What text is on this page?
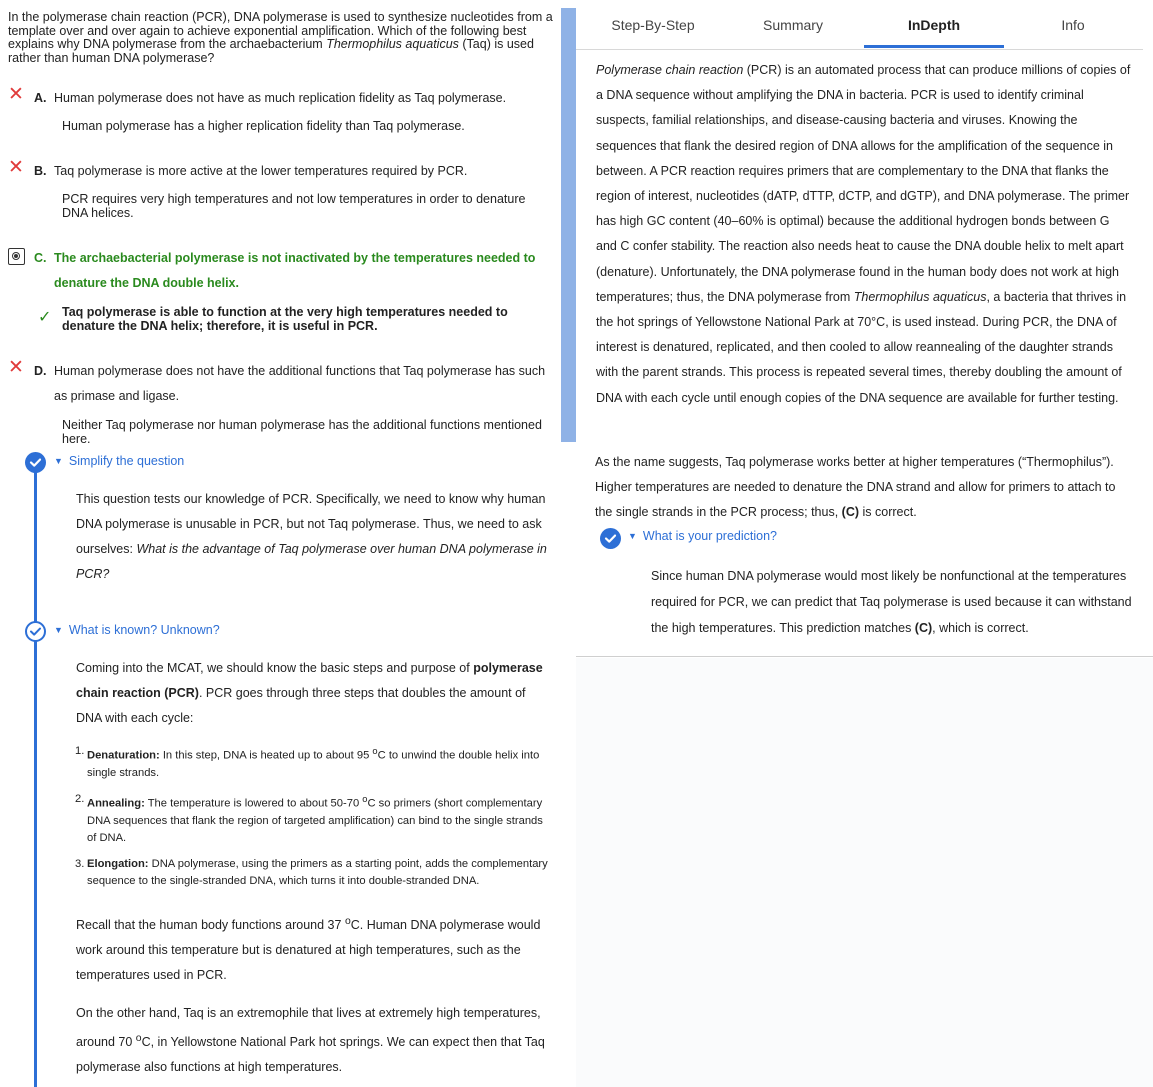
In the polymerase chain reaction (PCR), DNA polymerase is used to synthesize nucleotides from a template over and over again to achieve exponential amplification. Which of the following best explains why DNA polymerase from the archaebacterium Thermophilus aquaticus (Taq) is used rather than human DNA polymerase?
✕ A. Human polymerase does not have as much replication fidelity as Taq polymerase.
Human polymerase has a higher replication fidelity than Taq polymerase.
✕ B. Taq polymerase is more active at the lower temperatures required by PCR.
PCR requires very high temperatures and not low temperatures in order to denature DNA helices.
C. The archaebacterial polymerase is not inactivated by the temperatures needed to denature the DNA double helix.
✓ Taq polymerase is able to function at the very high temperatures needed to denature the DNA helix; therefore, it is useful in PCR.
✕ D. Human polymerase does not have the additional functions that Taq polymerase has such as primase and ligase.
Neither Taq polymerase nor human polymerase has the additional functions mentioned here.
▼ Simplify the question
This question tests our knowledge of PCR. Specifically, we need to know why human DNA polymerase is unusable in PCR, but not Taq polymerase. Thus, we need to ask ourselves: What is the advantage of Taq polymerase over human DNA polymerase in PCR?
▼ What is known? Unknown?
Coming into the MCAT, we should know the basic steps and purpose of polymerase chain reaction (PCR). PCR goes through three steps that doubles the amount of DNA with each cycle:
1. Denaturation: In this step, DNA is heated up to about 95 $^o$C to unwind the double helix into single strands.
2. Annealing: The temperature is lowered to about 50-70 $^o$C so primers (short complementary DNA sequences that flank the region of targeted amplification) can bind to the single strands of DNA.
3. Elongation: DNA polymerase, using the primers as a starting point, adds the complementary sequence to the single-stranded DNA, which turns it into double-stranded DNA.
Recall that the human body functions around 37 $^o$C. Human DNA polymerase would work around this temperature but is denatured at high temperatures, such as the temperatures used in PCR.
On the other hand, Taq is an extremophile that lives at extremely high temperatures, around 70 $^o$C, in Yellowstone National Park hot springs. We can expect then that Taq polymerase also functions at high temperatures.
Step-By-Step	Summary	InDepth	Info
Polymerase chain reaction (PCR) is an automated process that can produce millions of copies of a DNA sequence without amplifying the DNA in bacteria. PCR is used to identify criminal suspects, familial relationships, and disease-causing bacteria and viruses. Knowing the sequences that flank the desired region of DNA allows for the amplification of the sequence in between. A PCR reaction requires primers that are complementary to the DNA that flanks the region of interest, nucleotides (dATP, dTTP, dCTP, and dGTP), and DNA polymerase. The primer has high GC content (40–60% is optimal) because the additional hydrogen bonds between G and C confer stability. The reaction also needs heat to cause the DNA double helix to melt apart (denature). Unfortunately, the DNA polymerase found in the human body does not work at high temperatures; thus, the DNA polymerase from Thermophilus aquaticus, a bacteria that thrives in the hot springs of Yellowstone National Park at 70°C, is used instead. During PCR, the DNA of interest is denatured, replicated, and then cooled to allow reannealing of the daughter strands with the parent strands. This process is repeated several times, thereby doubling the amount of DNA with each cycle until enough copies of the DNA sequence are available for further testing.
As the name suggests, Taq polymerase works better at higher temperatures (“Thermophilus”). Higher temperatures are needed to denature the DNA strand and allow for primers to attach to the single strands in the PCR process; thus, (C) is correct.
▼ What is your prediction?
Since human DNA polymerase would most likely be nonfunctional at the temperatures required for PCR, we can predict that Taq polymerase is used because it can withstand the high temperatures. This prediction matches (C), which is correct.
